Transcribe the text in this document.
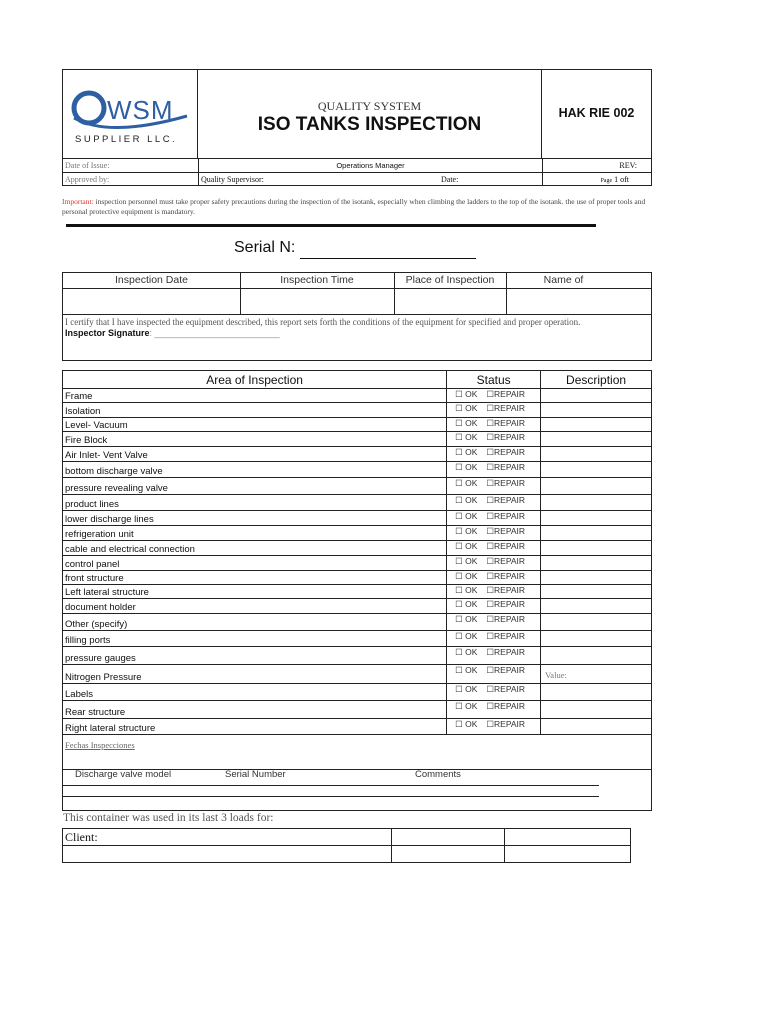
WSM
SUPPLIER LLC.
QUALITY SYSTEM
ISO TANKS INSPECTION
HAK RIE 002
Date of Issue:	Operations Manager	REV:
Approved by:	Quality Supervisor:	Date:	Page 1 oft
Important: inspection personnel must take proper safety precautions during the inspection of the isotank, especially when climbing the ladders to the top of the isotank. the use of proper tools and personal protective equipment is mandatory.
Serial N:
Inspection Date	Inspection Time	Place of Inspection	Name of
I certify that I have inspected the equipment described, this report sets forth the conditions of the equipment for specified and proper operation.
Inspector Signature: _________________________
Area of Inspection	Status	Description
Frame	☐ OK ☐REPAIR	
Isolation	☐ OK ☐REPAIR	
Level- Vacuum	☐ OK ☐REPAIR	
Fire Block	☐ OK ☐REPAIR	
Air Inlet- Vent Valve	☐ OK ☐REPAIR	
bottom discharge valve	☐ OK ☐REPAIR	
pressure revealing valve	☐ OK ☐REPAIR	
product lines	☐ OK ☐REPAIR	
lower discharge lines	☐ OK ☐REPAIR	
refrigeration unit	☐ OK ☐REPAIR	
cable and electrical connection	☐ OK ☐REPAIR	
control panel	☐ OK ☐REPAIR	
front structure	☐ OK ☐REPAIR	
Left lateral structure	☐ OK ☐REPAIR	
document holder	☐ OK ☐REPAIR	
Other (specify)	☐ OK ☐REPAIR	
filling ports	☐ OK ☐REPAIR	
pressure gauges	☐ OK ☐REPAIR	
Nitrogen Pressure	☐ OK ☐REPAIR	Value:
Labels	☐ OK ☐REPAIR	
Rear structure	☐ OK ☐REPAIR	
Right lateral structure	☐ OK ☐REPAIR	
Fechas Inspecciones		
Discharge valve model	Serial Number	Comments
This container was used in its last 3 loads for:
Client:		
